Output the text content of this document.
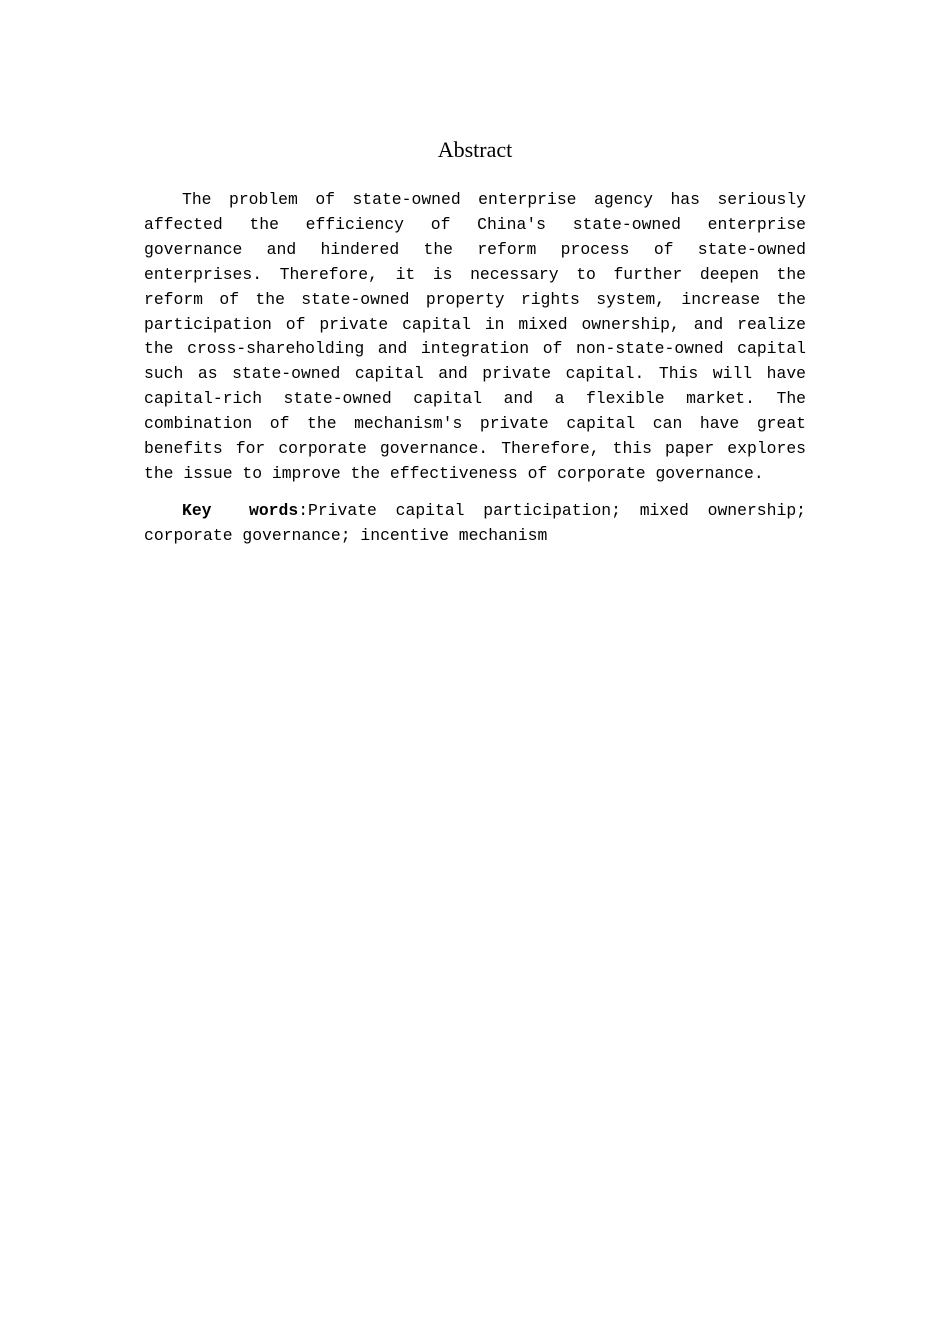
Abstract

The problem of state-owned enterprise agency has seriously affected the efficiency of China's state-owned enterprise governance and hindered the reform process of state-owned enterprises. Therefore, it is necessary to further deepen the reform of the state-owned property rights system, increase the participation of private capital in mixed ownership, and realize the cross-shareholding and integration of non-state-owned capital such as state-owned capital and private capital. This will have capital-rich state-owned capital and a flexible market. The combination of the mechanism's private capital can have great benefits for corporate governance. Therefore, this paper explores the issue to improve the effectiveness of corporate governance.

Key  words:Private capital participation; mixed ownership; corporate governance; incentive mechanism
